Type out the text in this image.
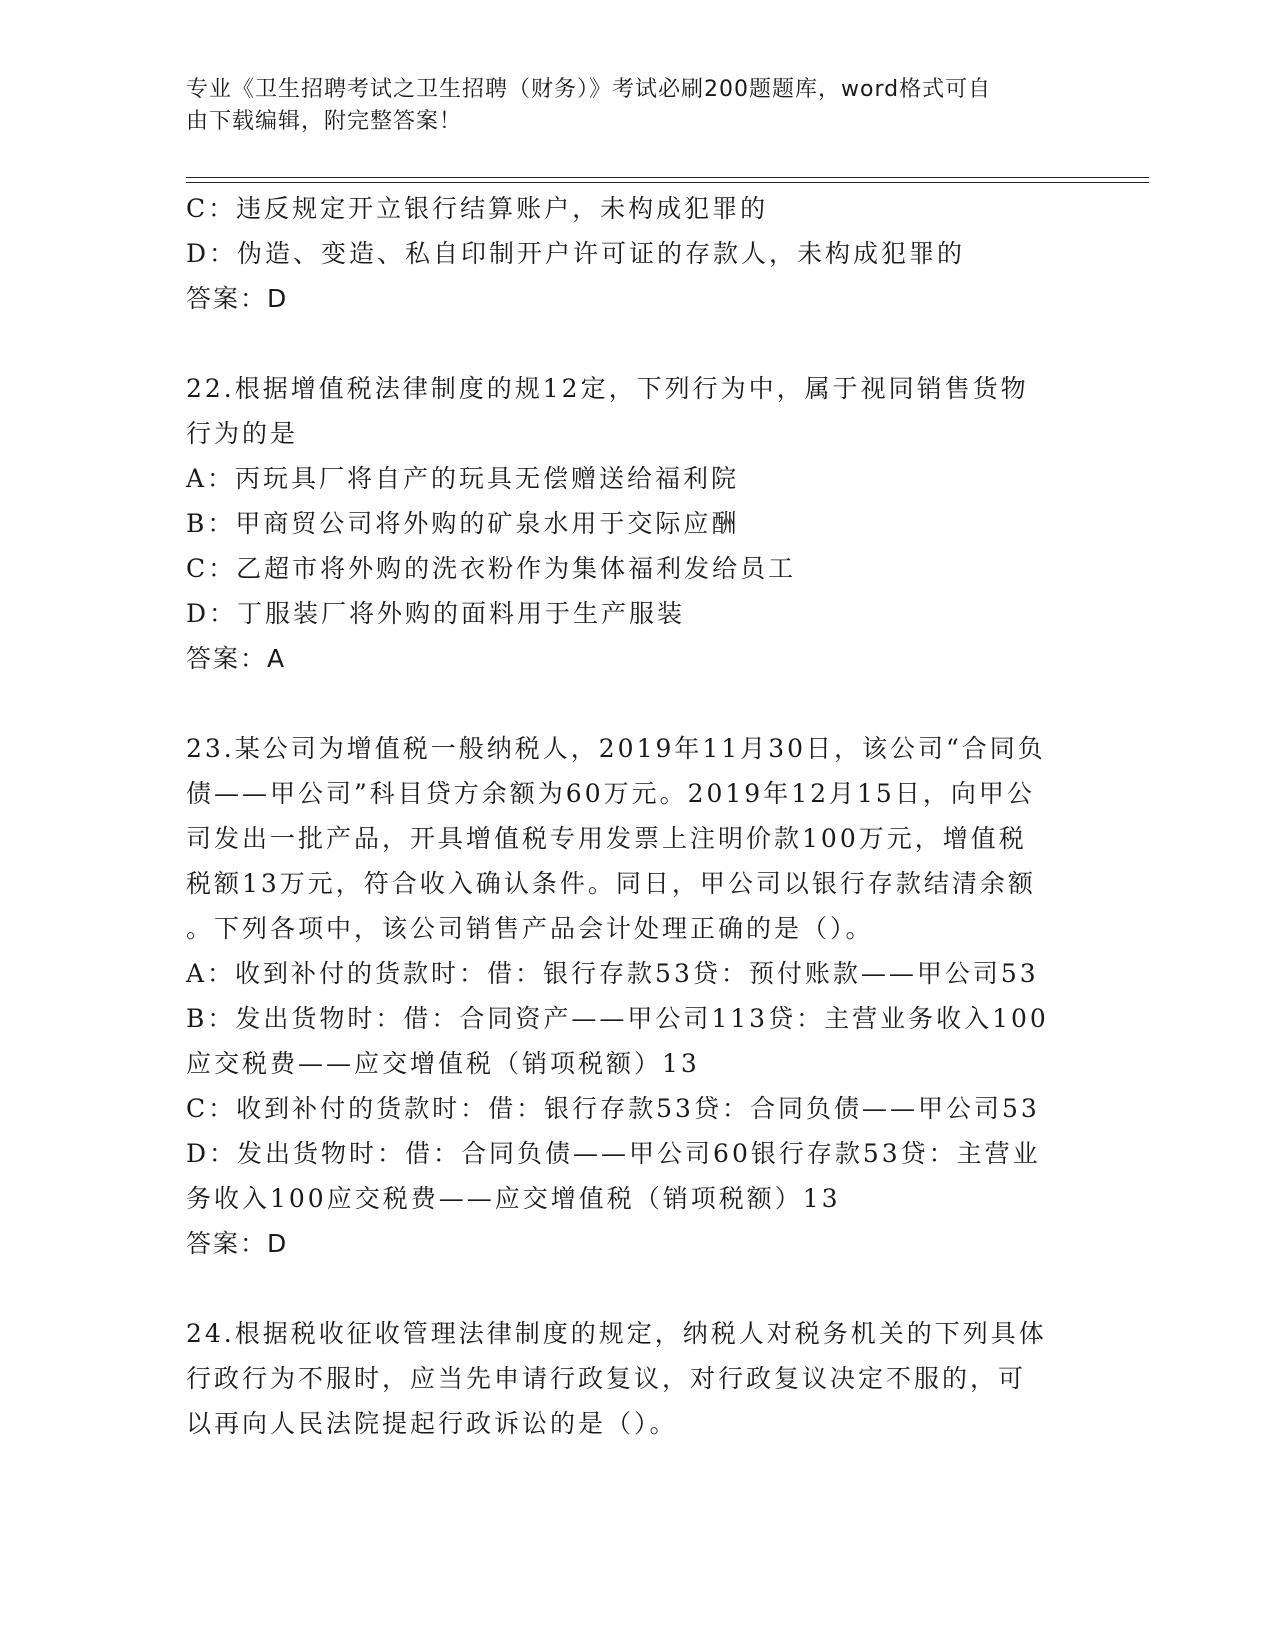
专业《卫生招聘考试之卫生招聘（财务）》考试必刷200题题库，word格式可自
由下载编辑，附完整答案！
C：违反规定开立银行结算账户，未构成犯罪的
D：伪造、变造、私自印制开户许可证的存款人，未构成犯罪的
答案：D
22.根据增值税法律制度的规12定，下列行为中，属于视同销售货物
行为的是
A：丙玩具厂将自产的玩具无偿赠送给福利院
B：甲商贸公司将外购的矿泉水用于交际应酬
C：乙超市将外购的洗衣粉作为集体福利发给员工
D：丁服装厂将外购的面料用于生产服装
答案：A
23.某公司为增值税一般纳税人，2019年11月30日，该公司“合同负
债——甲公司”科目贷方余额为60万元。2019年12月15日，向甲公
司发出一批产品，开具增值税专用发票上注明价款100万元，增值税
税额13万元，符合收入确认条件。同日，甲公司以银行存款结清余额
。下列各项中，该公司销售产品会计处理正确的是（）。
A：收到补付的货款时：借：银行存款53贷：预付账款——甲公司53
B：发出货物时：借：合同资产——甲公司113贷：主营业务收入100
应交税费——应交增值税（销项税额）13
C：收到补付的货款时：借：银行存款53贷：合同负债——甲公司53
D：发出货物时：借：合同负债——甲公司60银行存款53贷：主营业
务收入100应交税费——应交增值税（销项税额）13
答案：D
24.根据税收征收管理法律制度的规定，纳税人对税务机关的下列具体
行政行为不服时，应当先申请行政复议，对行政复议决定不服的，可
以再向人民法院提起行政诉讼的是（）。
